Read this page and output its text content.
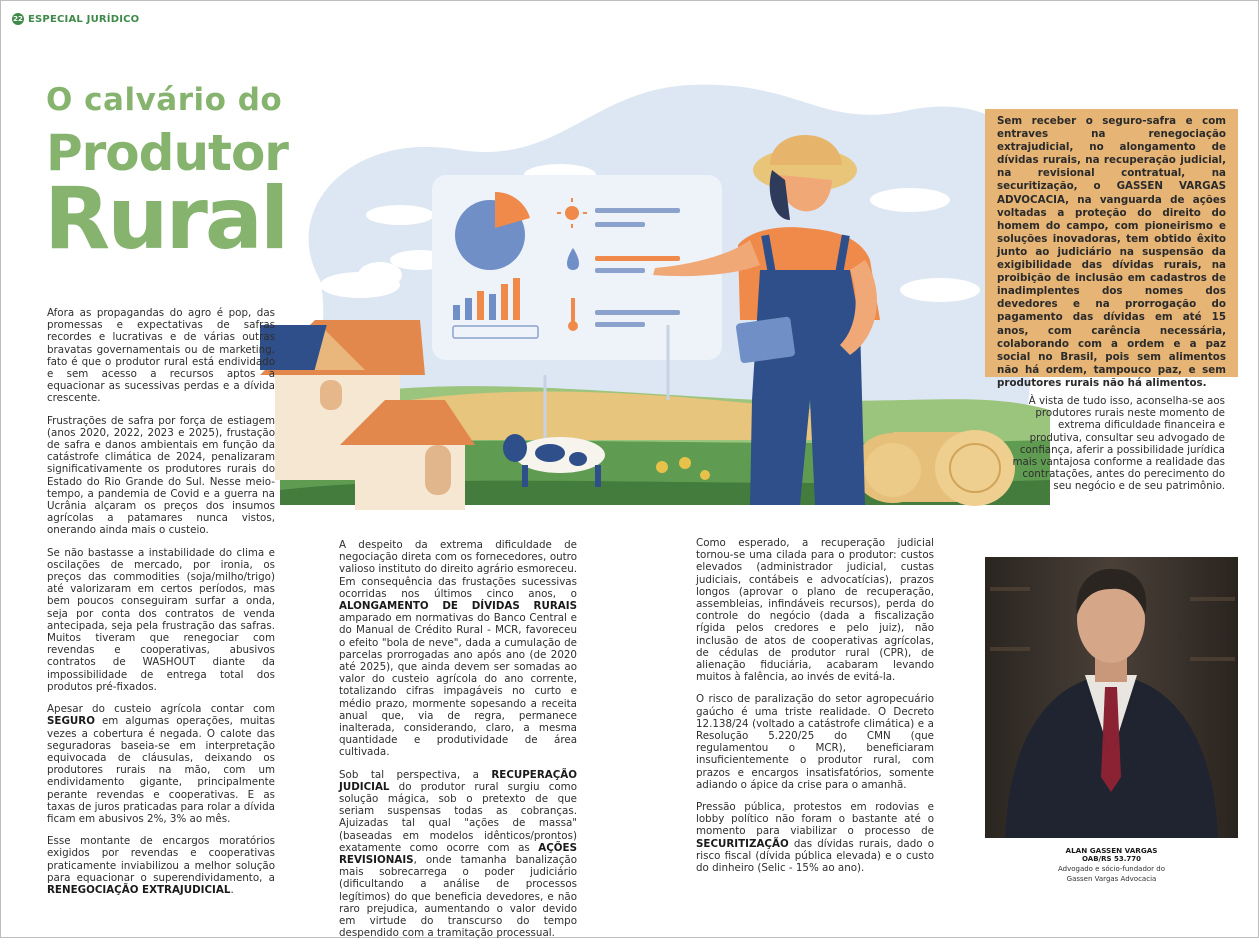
22 ESPECIAL JURÍDICO
O calvário do
Produtor
Rural

Afora as propagandas do agro é pop, das promessas e expectativas de safras recordes e lucrativas e de várias outras bravatas governamentais ou de marketing, fato é que o produtor rural está endividado e sem acesso a recursos aptos a equacionar as sucessivas perdas e a dívida crescente.

Frustrações de safra por força de estiagem (anos 2020, 2022, 2023 e 2025), frustação de safra e danos ambientais em função da catástrofe climática de 2024, penalizaram significativamente os produtores rurais do Estado do Rio Grande do Sul. Nesse meio-tempo, a pandemia de Covid e a guerra na Ucrânia alçaram os preços dos insumos agrícolas a patamares nunca vistos, onerando ainda mais o custeio.

Se não bastasse a instabilidade do clima e oscilações de mercado, por ironia, os preços das commodities (soja/milho/trigo) até valorizaram em certos períodos, mas bem poucos conseguiram surfar a onda, seja por conta dos contratos de venda antecipada, seja pela frustração das safras. Muitos tiveram que renegociar com revendas e cooperativas, abusivos contratos de WASHOUT diante da impossibilidade de entrega total dos produtos pré-fixados.

Apesar do custeio agrícola contar com SEGURO em algumas operações, muitas vezes a cobertura é negada. O calote das seguradoras baseia-se em interpretação equivocada de cláusulas, deixando os produtores rurais na mão, com um endividamento gigante, principalmente perante revendas e cooperativas. E as taxas de juros praticadas para rolar a dívida ficam em abusivos 2%, 3% ao mês.

Esse montante de encargos moratórios exigidos por revendas e cooperativas praticamente inviabilizou a melhor solução para equacionar o superendividamento, a RENEGOCIAÇÃO EXTRAJUDICIAL.

A despeito da extrema dificuldade de negociação direta com os fornecedores, outro valioso instituto do direito agrário esmoreceu. Em consequência das frustações sucessivas ocorridas nos últimos cinco anos, o ALONGAMENTO DE DÍVIDAS RURAIS amparado em normativas do Banco Central e do Manual de Crédito Rural - MCR, favoreceu o efeito "bola de neve", dada a cumulação de parcelas prorrogadas ano após ano (de 2020 até 2025), que ainda devem ser somadas ao valor do custeio agrícola do ano corrente, totalizando cifras impagáveis no curto e médio prazo, mormente sopesando a receita anual que, via de regra, permanece inalterada, considerando, claro, a mesma quantidade e produtividade de área cultivada.

Sob tal perspectiva, a RECUPERAÇÃO JUDICIAL do produtor rural surgiu como solução mágica, sob o pretexto de que seriam suspensas todas as cobranças. Ajuizadas tal qual "ações de massa" (baseadas em modelos idênticos/prontos) exatamente como ocorre com as AÇÕES REVISIONAIS, onde tamanha banalização mais sobrecarrega o poder judiciário (dificultando a análise de processos legítimos) do que beneficia devedores, e não raro prejudica, aumentando o valor devido em virtude do transcurso do tempo despendido com a tramitação processual.

Como esperado, a recuperação judicial tornou-se uma cilada para o produtor: custos elevados (administrador judicial, custas judiciais, contábeis e advocatícias), prazos longos (aprovar o plano de recuperação, assembleias, infindáveis recursos), perda do controle do negócio (dada a fiscalização rígida pelos credores e pelo juiz), não inclusão de atos de cooperativas agrícolas, de cédulas de produtor rural (CPR), de alienação fiduciária, acabaram levando muitos à falência, ao invés de evitá-la.

O risco de paralização do setor agropecuário gaúcho é uma triste realidade. O Decreto 12.138/24 (voltado a catástrofe climática) e a Resolução 5.220/25 do CMN (que regulamentou o MCR), beneficiaram insuficientemente o produtor rural, com prazos e encargos insatisfatórios, somente adiando o ápice da crise para o amanhã.

Pressão pública, protestos em rodovias e lobby político não foram o bastante até o momento para viabilizar o processo de SECURITIZAÇÃO das dívidas rurais, dado o risco fiscal (dívida pública elevada) e o custo do dinheiro (Selic - 15% ao ano).

Sem receber o seguro-safra e com entraves na renegociação extrajudicial, no alongamento de dívidas rurais, na recuperação judicial, na revisional contratual, na securitização, o GASSEN VARGAS ADVOCACIA, na vanguarda de ações voltadas a proteção do direito do homem do campo, com pioneirismo e soluções inovadoras, tem obtido êxito junto ao judiciário na suspensão da exigibilidade das dívidas rurais, na proibição de inclusão em cadastros de inadimplentes dos nomes dos devedores e na prorrogação do pagamento das dívidas em até 15 anos, com carência necessária, colaborando com a ordem e a paz social no Brasil, pois sem alimentos não há ordem, tampouco paz, e sem produtores rurais não há alimentos.

À vista de tudo isso, aconselha-se aos produtores rurais neste momento de extrema dificuldade financeira e produtiva, consultar seu advogado de confiança, aferir a possibilidade jurídica mais vantajosa conforme a realidade das contratações, antes do perecimento do seu negócio e de seu patrimônio.

ALAN GASSEN VARGAS
OAB/RS 53.770
Advogado e sócio-fundador do
Gassen Vargas Advocacia
